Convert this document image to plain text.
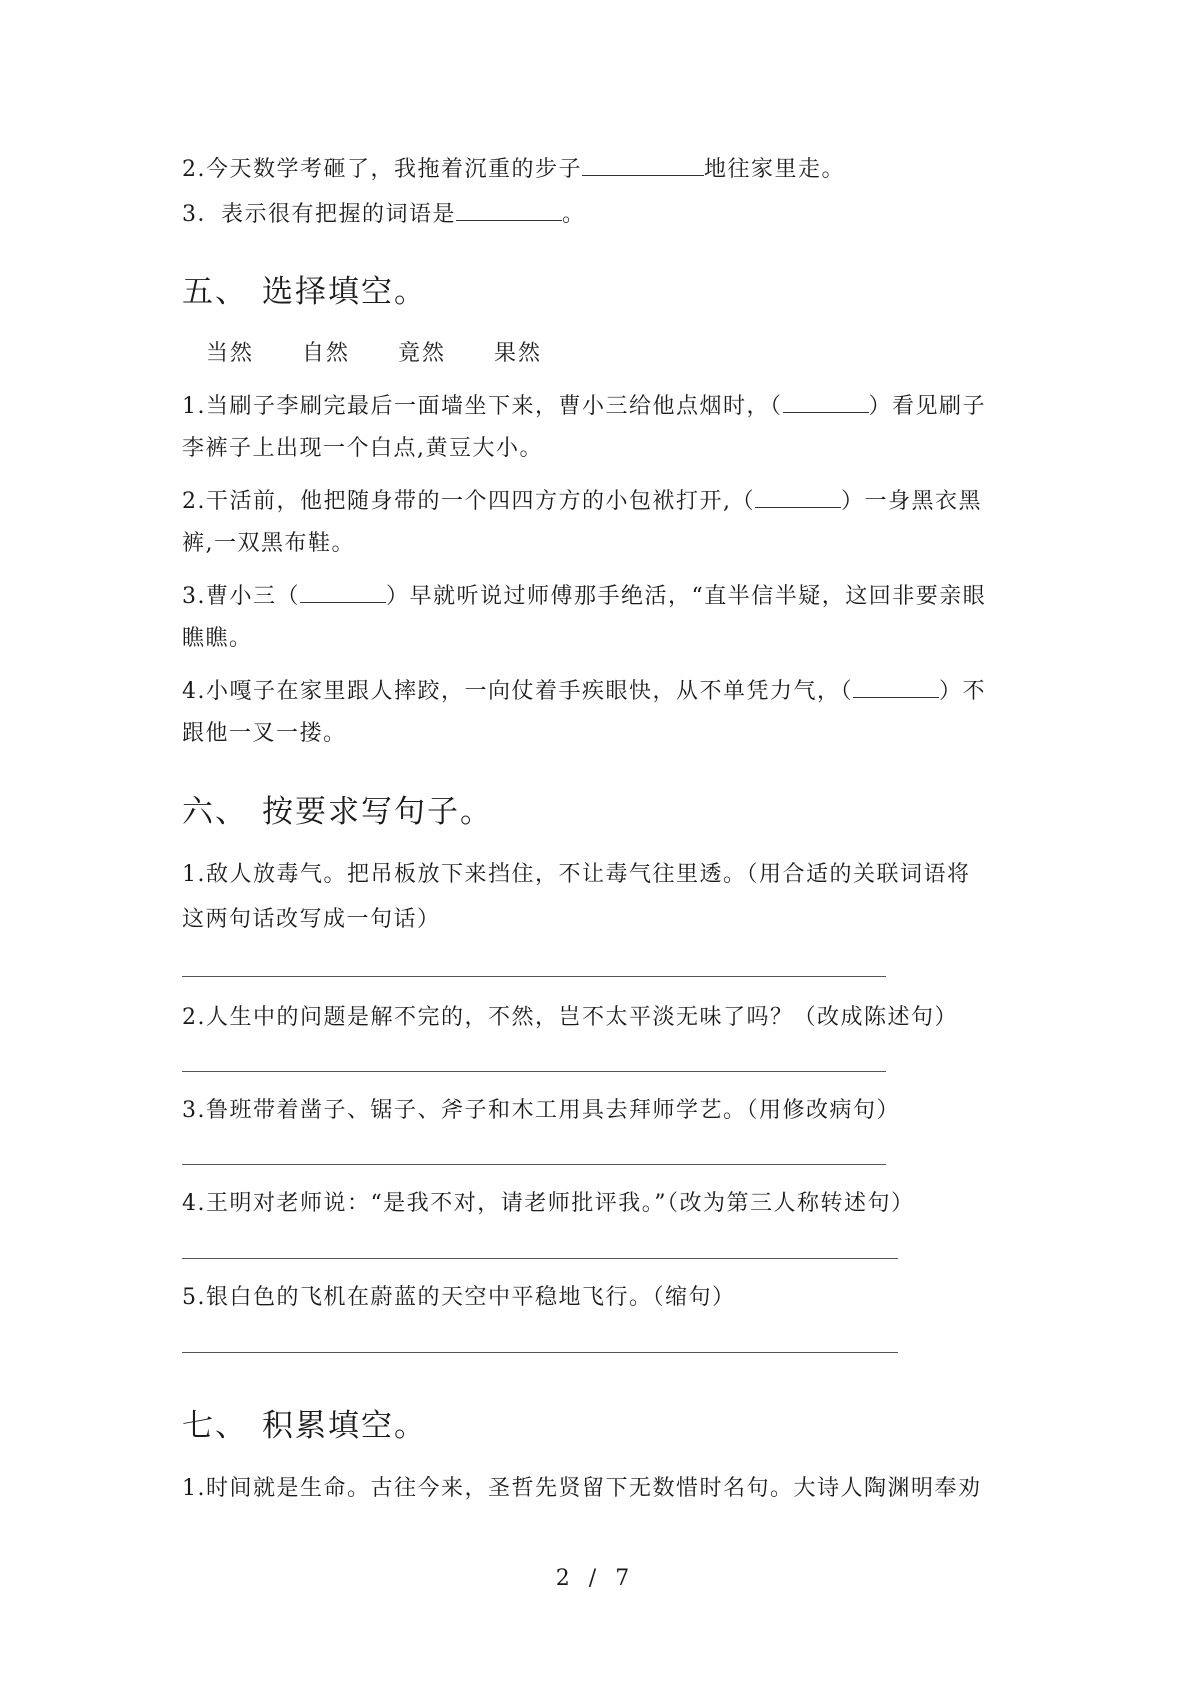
2.今天数学考砸了，我拖着沉重的步子	地往家里走。
3．表示很有把握的词语是	。
五、 选择填空。
当然 自然 竟然 果然
1.当刷子李刷完最后一面墙坐下来，曹小三给他点烟时，（	）看见刷子
李裤子上出现一个白点,黄豆大小。
2.干活前，他把随身带的一个四四方方的小包袱打开,（	）一身黑衣黑
裤,一双黑布鞋。
3.曹小三（	）早就听说过师傅那手绝活，“直半信半疑，这回非要亲眼
瞧瞧。
4.小嘎子在家里跟人摔跤，一向仗着手疾眼快，从不单凭力气，（	）不
跟他一叉一搂。
六、 按要求写句子。
1.敌人放毒气。把吊板放下来挡住，不让毒气往里透。（用合适的关联词语将
这两句话改写成一句话）
2.人生中的问题是解不完的，不然，岂不太平淡无味了吗？（改成陈述句）
3.鲁班带着凿子、锯子、斧子和木工用具去拜师学艺。（用修改病句）
4.王明对老师说：“是我不对，请老师批评我。”（改为第三人称转述句）
5.银白色的飞机在蔚蓝的天空中平稳地飞行。（缩句）
七、 积累填空。
1.时间就是生命。古往今来，圣哲先贤留下无数惜时名句。大诗人陶渊明奉劝
2 / 7
